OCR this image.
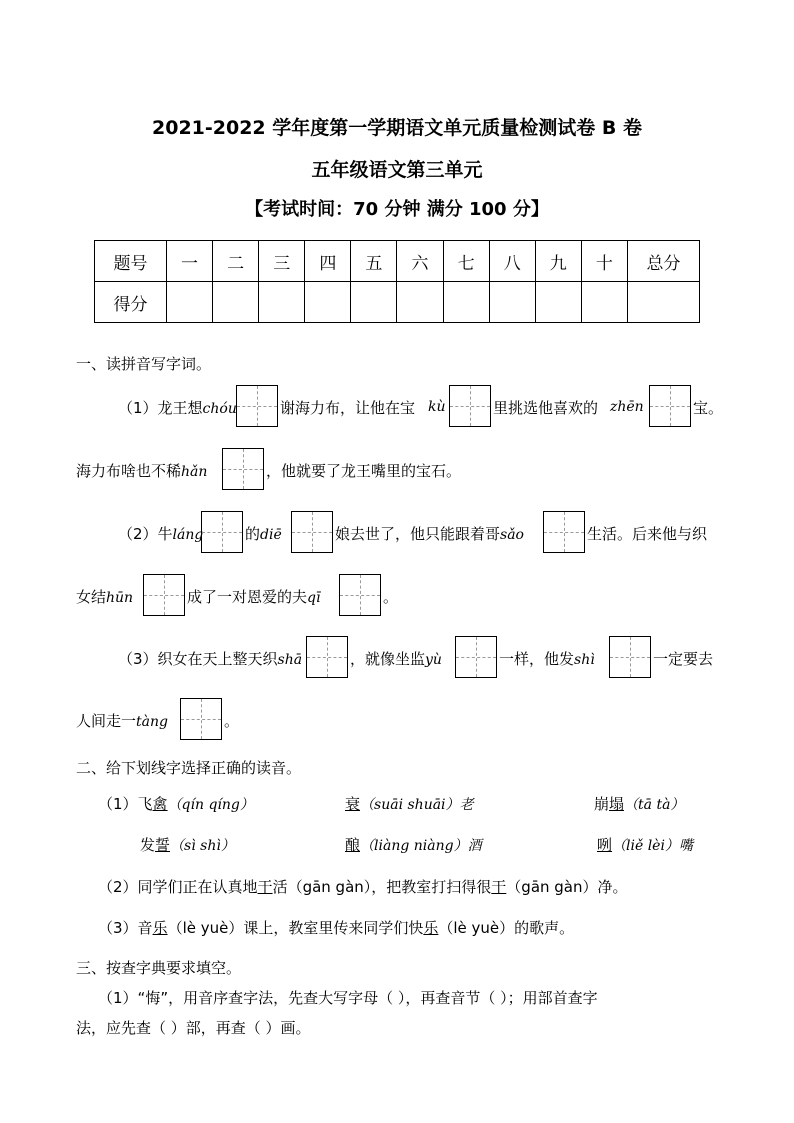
2021-2022 学年度第一学期语文单元质量检测试卷 B 卷
五年级语文第三单元
【考试时间：70 分钟 满分 100 分】
题号	一	二	三	四	五	六	七	八	九	十	总分
得分											
一、读拼音写字词。
（1）龙王想chóu	谢海力布，让他在宝 kù	里挑选他喜欢的 zhēn	宝。
海力布啥也不稀hǎn	，他就要了龙王嘴里的宝石。
（2）牛láng	的diē	娘去世了，他只能跟着哥sǎo	生活。后来他与织
女结hūn	成了一对恩爱的夫qī	。
（3）织女在天上整天织shā	，就像坐监yù	一样，他发shì	一定要去
人间走一tàng	。
二、给下划线字选择正确的读音。
（1）飞禽（qín qíng）	衰（suāi shuāi）老	崩塌（tā tà）
发誓（sì shì）	酿（liàng niàng）酒	咧（liě lèi）嘴
（2）同学们正在认真地干活（gān gàn），把教室打扫得很干（gān gàn）净。
（3）音乐（lè yuè）课上，教室里传来同学们快乐（lè yuè）的歌声。
三、按查字典要求填空。
（1）“悔”，用音序查字法，先查大写字母（ ），再查音节（ ）；用部首查字
法，应先查（ ）部，再查（ ）画。
